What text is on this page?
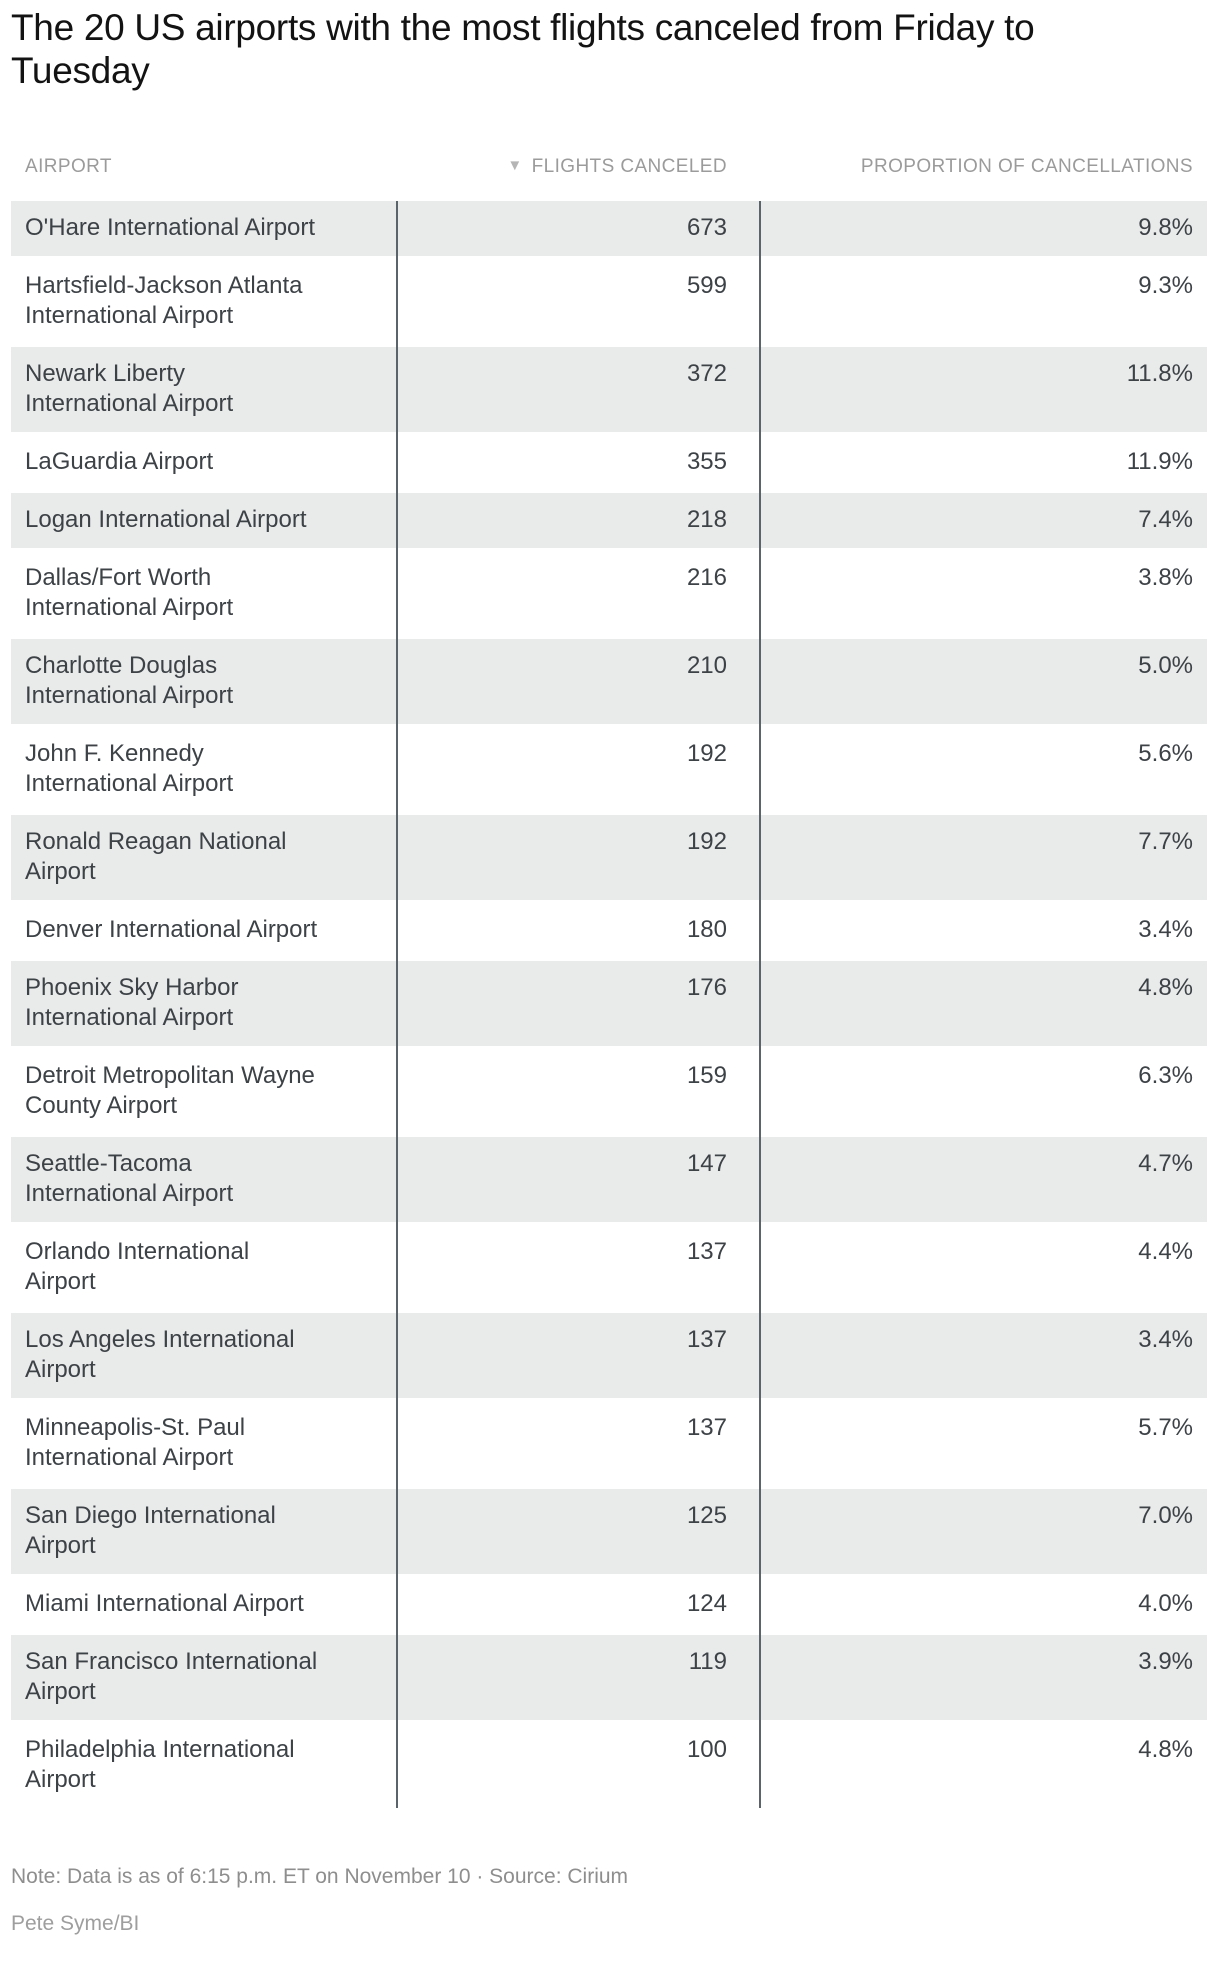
The 20 US airports with the most flights canceled from Friday to
Tuesday
AIRPORT	▼ FLIGHTS CANCELED	PROPORTION OF CANCELLATIONS
O'Hare International Airport	673	9.8%
Hartsfield-Jackson Atlanta
International Airport
599	9.3%
Newark Liberty
International Airport
372	11.8%
LaGuardia Airport	355	11.9%
Logan International Airport	218	7.4%
Dallas/Fort Worth
International Airport
216	3.8%
Charlotte Douglas
International Airport
210	5.0%
John F. Kennedy
International Airport
192	5.6%
Ronald Reagan National
Airport
192	7.7%
Denver International Airport	180	3.4%
Phoenix Sky Harbor
International Airport
176	4.8%
Detroit Metropolitan Wayne
County Airport
159	6.3%
Seattle-Tacoma
International Airport
147	4.7%
Orlando International
Airport
137	4.4%
Los Angeles International
Airport
137	3.4%
Minneapolis-St. Paul
International Airport
137	5.7%
San Diego International
Airport
125	7.0%
Miami International Airport	124	4.0%
San Francisco International
Airport
119	3.9%
Philadelphia International
Airport
100	4.8%

Note: Data is as of 6:15 p.m. ET on November 10 · Source: Cirium

Pete Syme/BI
